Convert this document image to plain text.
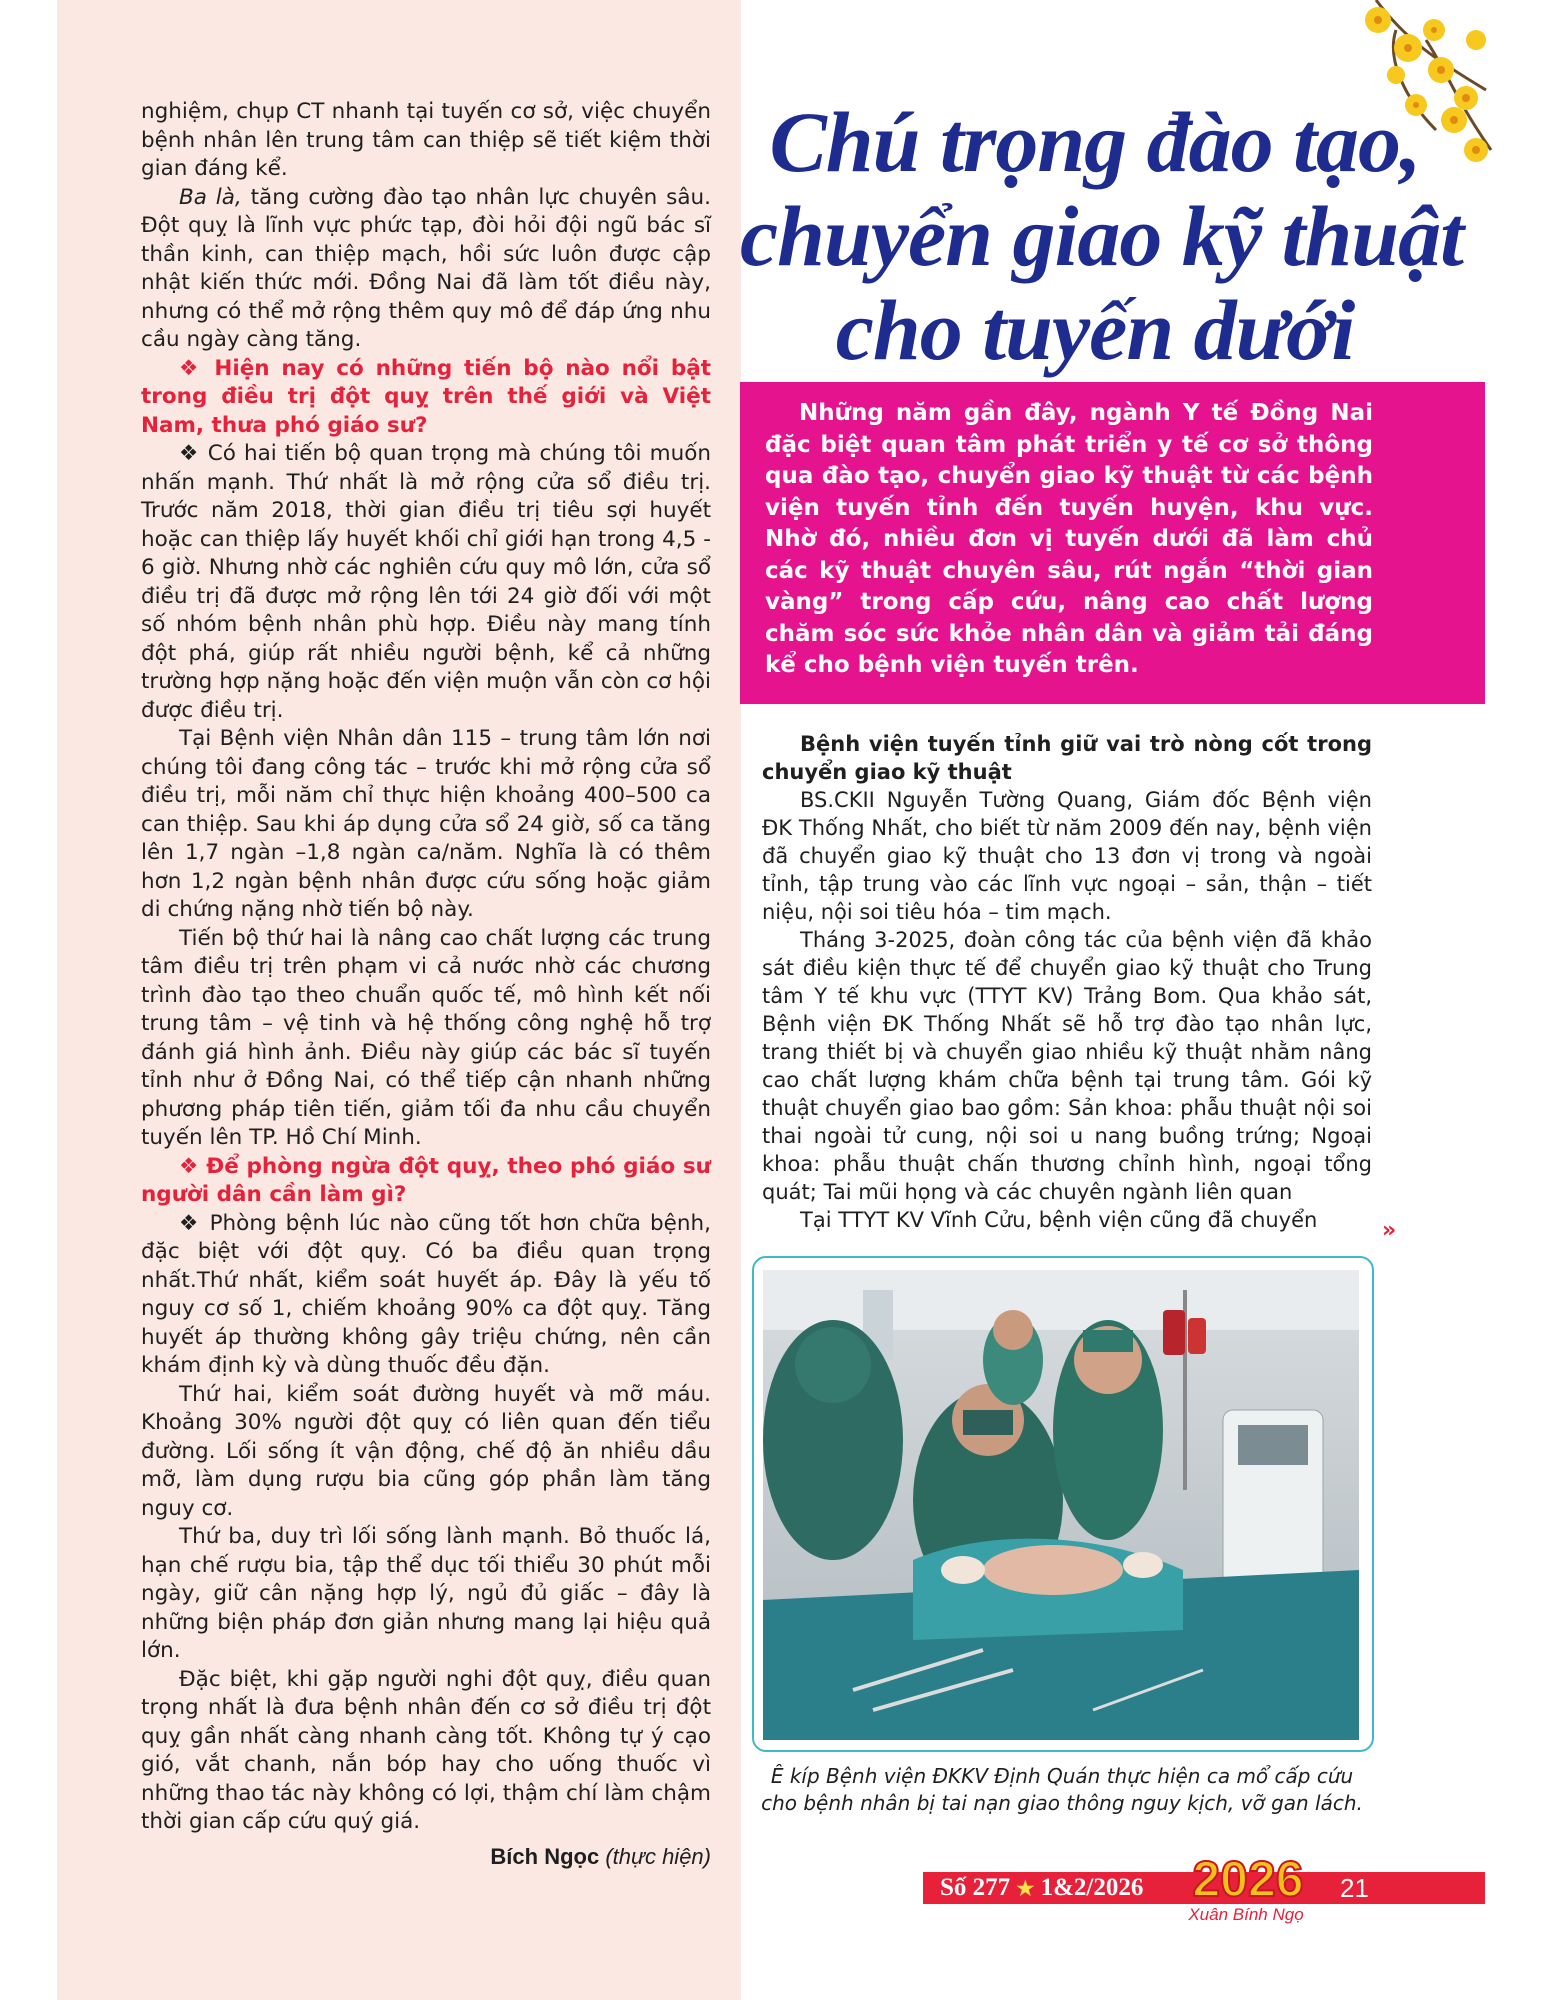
nghiệm, chụp CT nhanh tại tuyến cơ sở, việc chuyển bệnh nhân lên trung tâm can thiệp sẽ tiết kiệm thời gian đáng kể.

Ba là, tăng cường đào tạo nhân lực chuyên sâu. Đột quỵ là lĩnh vực phức tạp, đòi hỏi đội ngũ bác sĩ thần kinh, can thiệp mạch, hồi sức luôn được cập nhật kiến thức mới. Đồng Nai đã làm tốt điều này, nhưng có thể mở rộng thêm quy mô để đáp ứng nhu cầu ngày càng tăng.

❖ Hiện nay có những tiến bộ nào nổi bật trong điều trị đột quỵ trên thế giới và Việt Nam, thưa phó giáo sư?

❖ Có hai tiến bộ quan trọng mà chúng tôi muốn nhấn mạnh. Thứ nhất là mở rộng cửa sổ điều trị. Trước năm 2018, thời gian điều trị tiêu sợi huyết hoặc can thiệp lấy huyết khối chỉ giới hạn trong 4,5 - 6 giờ. Nhưng nhờ các nghiên cứu quy mô lớn, cửa sổ điều trị đã được mở rộng lên tới 24 giờ đối với một số nhóm bệnh nhân phù hợp. Điều này mang tính đột phá, giúp rất nhiều người bệnh, kể cả những trường hợp nặng hoặc đến viện muộn vẫn còn cơ hội được điều trị.

Tại Bệnh viện Nhân dân 115 – trung tâm lớn nơi chúng tôi đang công tác – trước khi mở rộng cửa sổ điều trị, mỗi năm chỉ thực hiện khoảng 400–500 ca can thiệp. Sau khi áp dụng cửa sổ 24 giờ, số ca tăng lên 1,7 ngàn –1,8 ngàn ca/năm. Nghĩa là có thêm hơn 1,2 ngàn bệnh nhân được cứu sống hoặc giảm di chứng nặng nhờ tiến bộ này.

Tiến bộ thứ hai là nâng cao chất lượng các trung tâm điều trị trên phạm vi cả nước nhờ các chương trình đào tạo theo chuẩn quốc tế, mô hình kết nối trung tâm – vệ tinh và hệ thống công nghệ hỗ trợ đánh giá hình ảnh. Điều này giúp các bác sĩ tuyến tỉnh như ở Đồng Nai, có thể tiếp cận nhanh những phương pháp tiên tiến, giảm tối đa nhu cầu chuyển tuyến lên TP. Hồ Chí Minh.

❖ Để phòng ngừa đột quỵ, theo phó giáo sư người dân cần làm gì?

❖ Phòng bệnh lúc nào cũng tốt hơn chữa bệnh, đặc biệt với đột quỵ. Có ba điều quan trọng nhất.Thứ nhất, kiểm soát huyết áp. Đây là yếu tố nguy cơ số 1, chiếm khoảng 90% ca đột quỵ. Tăng huyết áp thường không gây triệu chứng, nên cần khám định kỳ và dùng thuốc đều đặn.

Thứ hai, kiểm soát đường huyết và mỡ máu. Khoảng 30% người đột quỵ có liên quan đến tiểu đường. Lối sống ít vận động, chế độ ăn nhiều dầu mỡ, làm dụng rượu bia cũng góp phần làm tăng nguy cơ.

Thứ ba, duy trì lối sống lành mạnh. Bỏ thuốc lá, hạn chế rượu bia, tập thể dục tối thiểu 30 phút mỗi ngày, giữ cân nặng hợp lý, ngủ đủ giấc – đây là những biện pháp đơn giản nhưng mang lại hiệu quả lớn.

Đặc biệt, khi gặp người nghi đột quỵ, điều quan trọng nhất là đưa bệnh nhân đến cơ sở điều trị đột quỵ gần nhất càng nhanh càng tốt. Không tự ý cạo gió, vắt chanh, nắn bóp hay cho uống thuốc vì những thao tác này không có lợi, thậm chí làm chậm thời gian cấp cứu quý giá.

Bích Ngọc (thực hiện)
Chú trọng đào tạo,
chuyển giao kỹ thuật
cho tuyến dưới
Những năm gần đây, ngành Y tế Đồng Nai đặc biệt quan tâm phát triển y tế cơ sở thông qua đào tạo, chuyển giao kỹ thuật từ các bệnh viện tuyến tỉnh đến tuyến huyện, khu vực. Nhờ đó, nhiều đơn vị tuyến dưới đã làm chủ các kỹ thuật chuyên sâu, rút ngắn “thời gian vàng” trong cấp cứu, nâng cao chất lượng chăm sóc sức khỏe nhân dân và giảm tải đáng kể cho bệnh viện tuyến trên.

Bệnh viện tuyến tỉnh giữ vai trò nòng cốt trong chuyển giao kỹ thuật

BS.CKII Nguyễn Tường Quang, Giám đốc Bệnh viện ĐK Thống Nhất, cho biết từ năm 2009 đến nay, bệnh viện đã chuyển giao kỹ thuật cho 13 đơn vị trong và ngoài tỉnh, tập trung vào các lĩnh vực ngoại – sản, thận – tiết niệu, nội soi tiêu hóa – tim mạch.

Tháng 3-2025, đoàn công tác của bệnh viện đã khảo sát điều kiện thực tế để chuyển giao kỹ thuật cho Trung tâm Y tế khu vực (TTYT KV) Trảng Bom. Qua khảo sát, Bệnh viện ĐK Thống Nhất sẽ hỗ trợ đào tạo nhân lực, trang thiết bị và chuyển giao nhiều kỹ thuật nhằm nâng cao chất lượng khám chữa bệnh tại trung tâm. Gói kỹ thuật chuyển giao bao gồm: Sản khoa: phẫu thuật nội soi thai ngoài tử cung, nội soi u nang buồng trứng; Ngoại khoa: phẫu thuật chấn thương chỉnh hình, ngoại tổng quát; Tai mũi họng và các chuyên ngành liên quan

Tại TTYT KV Vĩnh Cửu, bệnh viện cũng đã chuyển	»
Ê kíp Bệnh viện ĐKKV Định Quán thực hiện ca mổ cấp cứu cho bệnh nhân bị tai nạn giao thông nguy kịch, vỡ gan lách.
Số 277 ★ 1&2/2026 2026
Xuân Bính Ngọ
21
